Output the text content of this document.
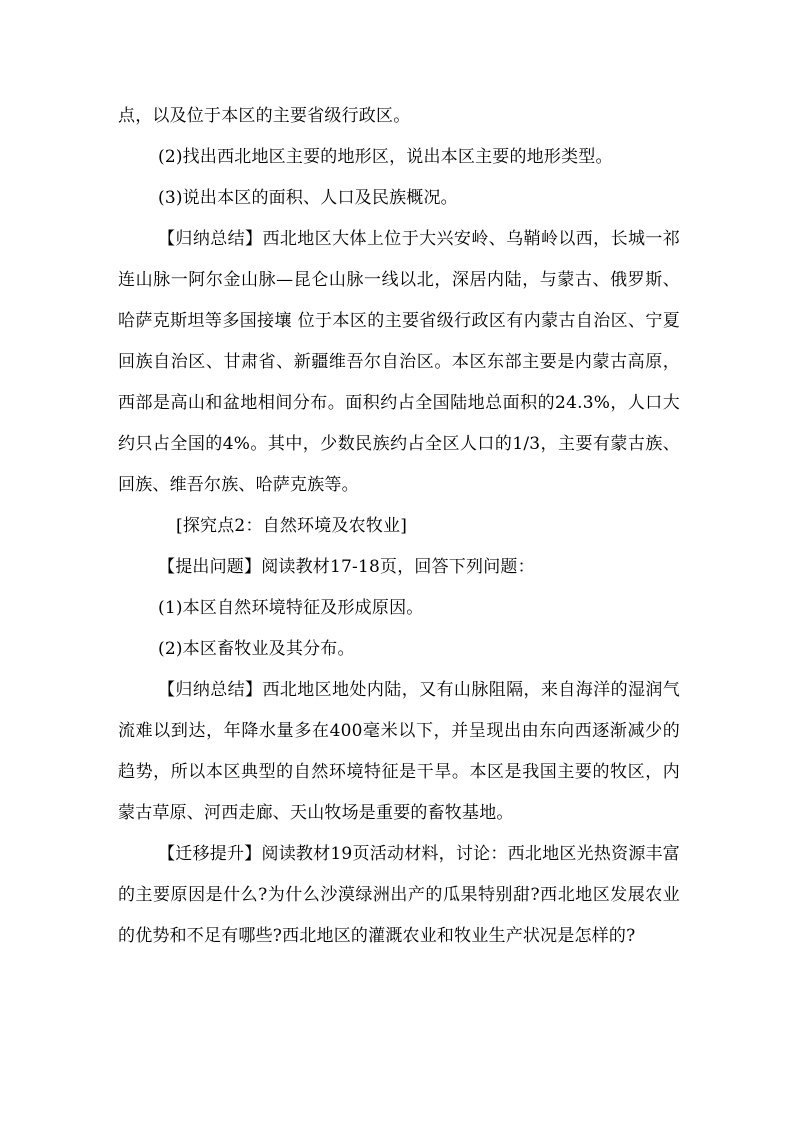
点，以及位于本区的主要省级行政区。

(2)找出西北地区主要的地形区，说出本区主要的地形类型。

(3)说出本区的面积、人口及民族概况。

【归纳总结】西北地区大体上位于大兴安岭、乌鞘岭以西，长城一祁连山脉一阿尔金山脉—昆仑山脉一线以北，深居内陆，与蒙古、俄罗斯、哈萨克斯坦等多国接壤 位于本区的主要省级行政区有内蒙古自治区、宁夏回族自治区、甘肃省、新疆维吾尔自治区。本区东部主要是内蒙古高原，西部是高山和盆地相间分布。面积约占全国陆地总面积的24.3%，人口大约只占全国的4%。其中，少数民族约占全区人口的1/3，主要有蒙古族、回族、维吾尔族、哈萨克族等。

[探究点2：自然环境及农牧业]

【提出问题】阅读教材17-18页，回答下列问题：

(1)本区自然环境特征及形成原因。

(2)本区畜牧业及其分布。

【归纳总结】西北地区地处内陆，又有山脉阻隔，来自海洋的湿润气流难以到达，年降水量多在400毫米以下，并呈现出由东向西逐渐减少的趋势，所以本区典型的自然环境特征是干旱。本区是我国主要的牧区，内蒙古草原、河西走廊、天山牧场是重要的畜牧基地。

【迁移提升】阅读教材19页活动材料，讨论：西北地区光热资源丰富的主要原因是什么?为什么沙漠绿洲出产的瓜果特别甜?西北地区发展农业的优势和不足有哪些?西北地区的灌溉农业和牧业生产状况是怎样的?
